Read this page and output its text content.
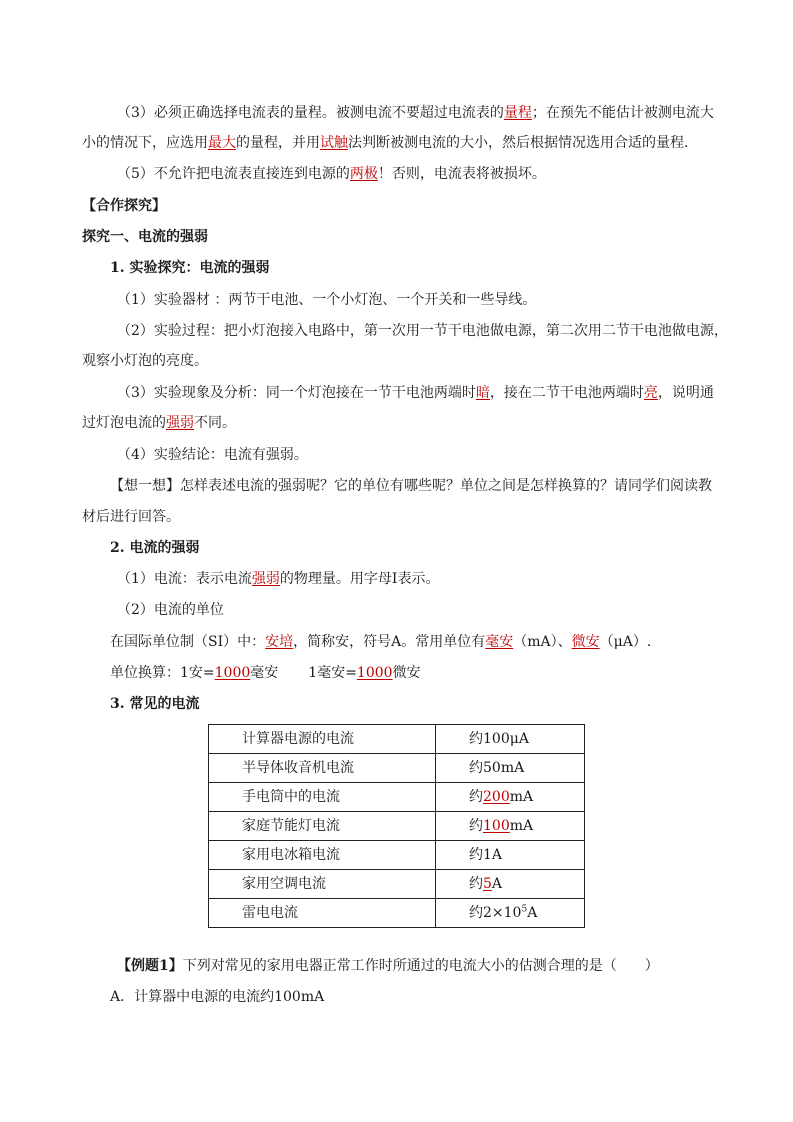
（3）必须正确选择电流表的量程。被测电流不要超过电流表的量程；在预先不能估计被测电流大
小的情况下，应选用最大的量程，并用试触法判断被测电流的大小，然后根据情况选用合适的量程.
（5）不允许把电流表直接连到电源的两极！否则，电流表将被损坏。
【合作探究】
探究一、电流的强弱
1. 实验探究：电流的强弱
（1）实验器材 ：两节干电池、一个小灯泡、一个开关和一些导线。
（2）实验过程：把小灯泡接入电路中，第一次用一节干电池做电源，第二次用二节干电池做电源，
观察小灯泡的亮度。
（3）实验现象及分析：同一个灯泡接在一节干电池两端时暗，接在二节干电池两端时亮，说明通
过灯泡电流的强弱不同。
（4）实验结论：电流有强弱。
【想一想】怎样表述电流的强弱呢？它的单位有哪些呢？单位之间是怎样换算的？请同学们阅读教
材后进行回答。
2. 电流的强弱
（1）电流：表示电流强弱的物理量。用字母I表示。
（2）电流的单位
在国际单位制（SI）中：安培，简称安，符号A。常用单位有毫安（mA）、微安（μA）.
单位换算：1安=1000毫安 1毫安=1000微安
3. 常见的电流
计算器电源的电流	约100μA
半导体收音机电流	约50mA
手电筒中的电流	约200mA
家庭节能灯电流	约100mA
家用电冰箱电流	约1A
家用空调电流	约5A
雷电电流	约$2\times 10^5A$
【例题1】下列对常见的家用电器正常工作时所通过的电流大小的估测合理的是（　　）
A．计算器中电源的电流约100mA
